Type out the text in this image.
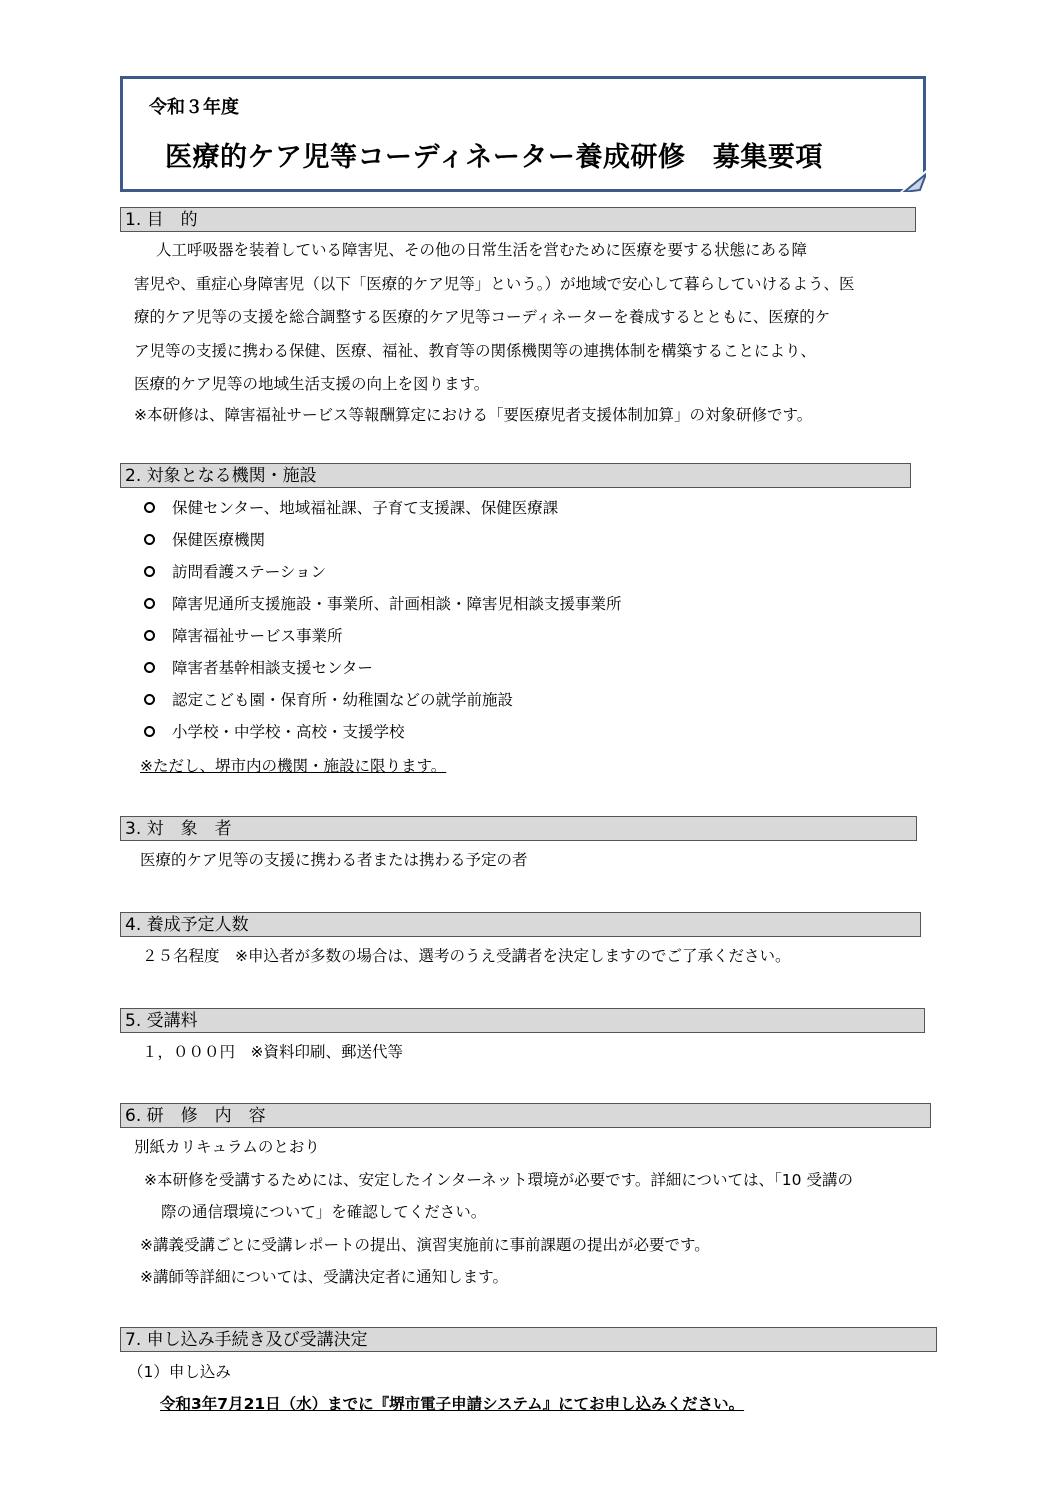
令和３年度
医療的ケア児等コーディネーター養成研修　募集要項
1. 目　的
人工呼吸器を装着している障害児、その他の日常生活を営むために医療を要する状態にある障
害児や、重症心身障害児（以下「医療的ケア児等」という。）が地域で安心して暮らしていけるよう、医
療的ケア児等の支援を総合調整する医療的ケア児等コーディネーターを養成するとともに、医療的ケ
ア児等の支援に携わる保健、医療、福祉、教育等の関係機関等の連携体制を構築することにより、
医療的ケア児等の地域生活支援の向上を図ります。
※本研修は、障害福祉サービス等報酬算定における「要医療児者支援体制加算」の対象研修です。
2. 対象となる機関・施設
保健センター、地域福祉課、子育て支援課、保健医療課
保健医療機関
訪問看護ステーション
障害児通所支援施設・事業所、計画相談・障害児相談支援事業所
障害福祉サービス事業所
障害者基幹相談支援センター
認定こども園・保育所・幼稚園などの就学前施設
小学校・中学校・高校・支援学校
※ただし、堺市内の機関・施設に限ります。
3. 対　象　者
医療的ケア児等の支援に携わる者または携わる予定の者
4. 養成予定人数
２５名程度　※申込者が多数の場合は、選考のうえ受講者を決定しますのでご了承ください。
5. 受講料
１，０００円　※資料印刷、郵送代等
6. 研　修　内　容
別紙カリキュラムのとおり
※本研修を受講するためには、安定したインターネット環境が必要です。詳細については、「10 受講の
際の通信環境について」を確認してください。
※講義受講ごとに受講レポートの提出、演習実施前に事前課題の提出が必要です。
※講師等詳細については、受講決定者に通知します。
7. 申し込み手続き及び受講決定
（1）申し込み
令和3年7月21日（水）までに『堺市電子申請システム』にてお申し込みください。
